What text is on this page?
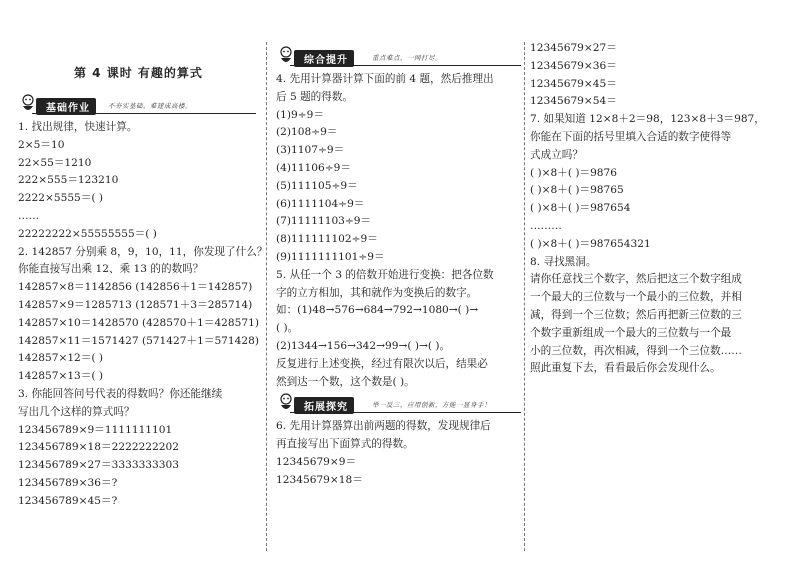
第 4 课时 有趣的算式
基础作业	不夯实基础，难建成高楼。
1. 找出规律，快速计算。
2×5＝10
22×55＝1210
222×555＝123210
2222×5555＝( )
……
22222222×55555555＝( )
2. 142857 分别乘 8，9，10，11，你发现了什么？
你能直接写出乘 12、乘 13 的的数吗？
142857×8＝1142856 (142856＋1＝142857)
142857×9＝1285713 (128571＋3＝285714)
142857×10＝1428570 (428570＋1＝428571)
142857×11＝1571427 (571427＋1＝571428)
142857×12＝( )
142857×13＝( )
3. 你能回答问号代表的得数吗？你还能继续
写出几个这样的算式吗？
123456789×9＝1111111101
123456789×18＝2222222202
123456789×27＝3333333303
123456789×36＝?
123456789×45＝?
综合提升	重点难点，一网打尽。
4. 先用计算器计算下面的前 4 题，然后推理出
后 5 题的得数。
(1)9÷9＝
(2)108÷9＝
(3)1107÷9＝
(4)11106÷9＝
(5)111105÷9＝
(6)1111104÷9＝
(7)11111103÷9＝
(8)111111102÷9＝
(9)1111111101÷9＝
5. 从任一个 3 的倍数开始进行变换：把各位数
字的立方相加，其和就作为变换后的数字。
如：(1)48→576→684→792→1080→( )→
( )。
(2)1344→156→342→99→( )→( )。
反复进行上述变换，经过有限次以后，结果必
然到达一个数，这个数是( )。
拓展探究	举一反三，应用创新，方能一显身手！
6. 先用计算器算出前两题的得数，发现规律后
再直接写出下面算式的得数。
12345679×9＝
12345679×18＝
12345679×27＝
12345679×36＝
12345679×45＝
12345679×54＝
7. 如果知道 12×8＋2＝98，123×8＋3＝987，
你能在下面的括号里填入合适的数字使得等
式成立吗？
( )×8＋( )＝9876
( )×8＋( )＝98765
( )×8＋( )＝987654
………
( )×8＋( )＝987654321
8. 寻找黑洞。
请你任意找三个数字，然后把这三个数字组成
一个最大的三位数与一个最小的三位数，并相
减，得到一个三位数；然后再把新三位数的三
个数字重新组成一个最大的三位数与一个最
小的三位数，再次相减，得到一个三位数……
照此重复下去，看看最后你会发现什么。
